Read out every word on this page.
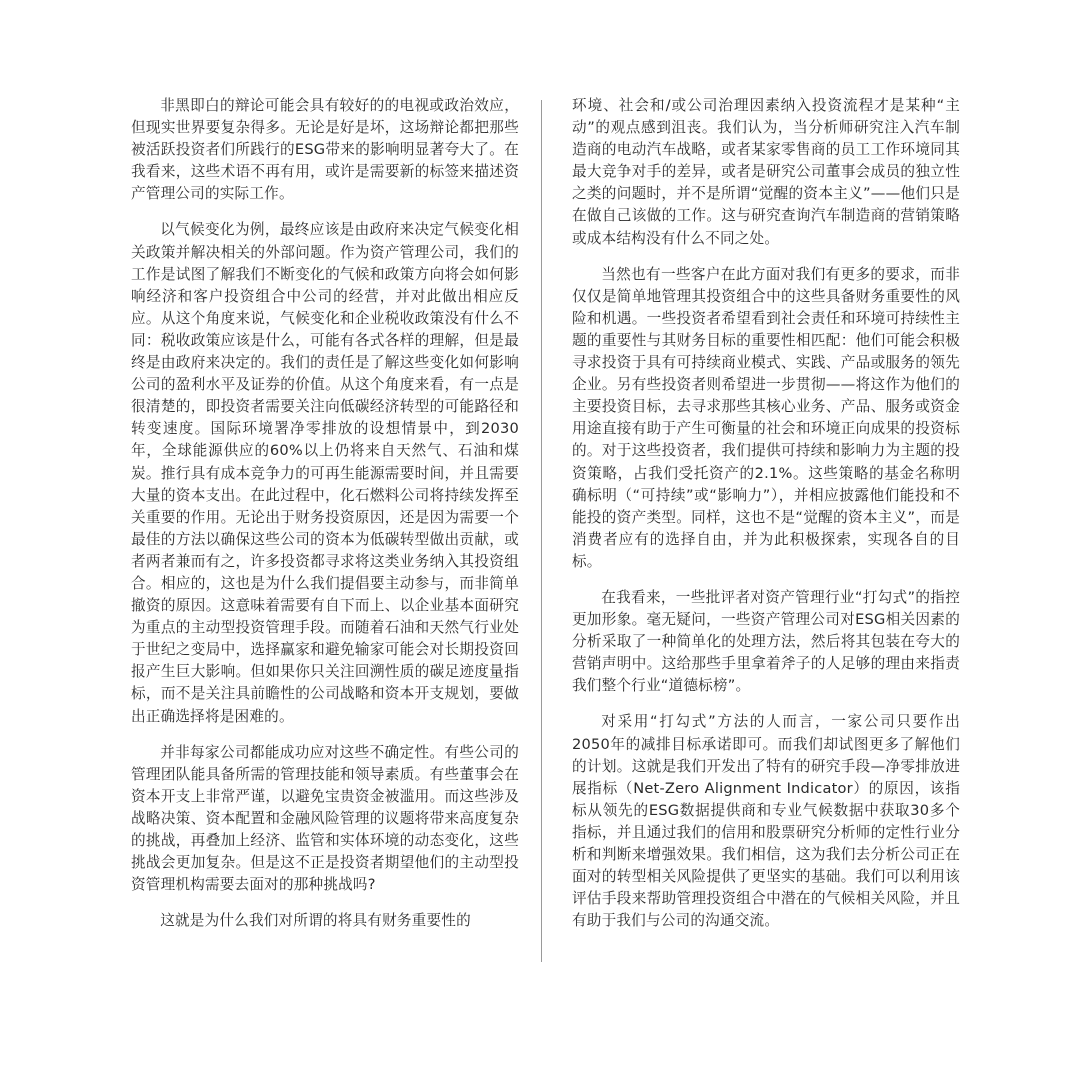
非黑即白的辩论可能会具有较好的的电视或政治效应，但现实世界要复杂得多。无论是好是坏，这场辩论都把那些被活跃投资者们所践行的ESG带来的影响明显著夸大了。在我看来，这些术语不再有用，或许是需要新的标签来描述资产管理公司的实际工作。

以气候变化为例，最终应该是由政府来决定气候变化相关政策并解决相关的外部问题。作为资产管理公司，我们的工作是试图了解我们不断变化的气候和政策方向将会如何影响经济和客户投资组合中公司的经营，并对此做出相应反应。从这个角度来说，气候变化和企业税收政策没有什么不同：税收政策应该是什么，可能有各式各样的理解，但是最终是由政府来决定的。我们的责任是了解这些变化如何影响公司的盈利水平及证券的价值。从这个角度来看，有一点是很清楚的，即投资者需要关注向低碳经济转型的可能路径和转变速度。国际环境署净零排放的设想情景中，到2030年，全球能源供应的60%以上仍将来自天然气、石油和煤炭。推行具有成本竞争力的可再生能源需要时间，并且需要大量的资本支出。在此过程中，化石燃料公司将持续发挥至关重要的作用。无论出于财务投资原因，还是因为需要一个最佳的方法以确保这些公司的资本为低碳转型做出贡献，或者两者兼而有之，许多投资都寻求将这类业务纳入其投资组合。相应的，这也是为什么我们提倡要主动参与，而非简单撤资的原因。这意味着需要有自下而上、以企业基本面研究为重点的主动型投资管理手段。而随着石油和天然气行业处于世纪之变局中，选择赢家和避免输家可能会对长期投资回报产生巨大影响。但如果你只关注回溯性质的碳足迹度量指标，而不是关注具前瞻性的公司战略和资本开支规划，要做出正确选择将是困难的。

并非每家公司都能成功应对这些不确定性。有些公司的管理团队能具备所需的管理技能和领导素质。有些董事会在资本开支上非常严谨，以避免宝贵资金被滥用。而这些涉及战略决策、资本配置和金融风险管理的议题将带来高度复杂的挑战，再叠加上经济、监管和实体环境的动态变化，这些挑战会更加复杂。但是这不正是投资者期望他们的主动型投资管理机构需要去面对的那种挑战吗?

这就是为什么我们对所谓的将具有财务重要性的

环境、社会和/或公司治理因素纳入投资流程才是某种“主动”的观点感到沮丧。我们认为，当分析师研究注入汽车制造商的电动汽车战略，或者某家零售商的员工工作环境同其最大竞争对手的差异，或者是研究公司董事会成员的独立性之类的问题时，并不是所谓“觉醒的资本主义”——他们只是在做自己该做的工作。这与研究查询汽车制造商的营销策略或成本结构没有什么不同之处。

当然也有一些客户在此方面对我们有更多的要求，而非仅仅是简单地管理其投资组合中的这些具备财务重要性的风险和机遇。一些投资者希望看到社会责任和环境可持续性主题的重要性与其财务目标的重要性相匹配：他们可能会积极寻求投资于具有可持续商业模式、实践、产品或服务的领先企业。另有些投资者则希望进一步贯彻——将这作为他们的主要投资目标，去寻求那些其核心业务、产品、服务或资金用途直接有助于产生可衡量的社会和环境正向成果的投资标的。对于这些投资者，我们提供可持续和影响力为主题的投资策略，占我们受托资产的2.1%。这些策略的基金名称明确标明（“可持续”或“影响力”），并相应披露他们能投和不能投的资产类型。同样，这也不是“觉醒的资本主义”，而是消费者应有的选择自由，并为此积极探索，实现各自的目标。

在我看来，一些批评者对资产管理行业“打勾式”的指控更加形象。毫无疑问，一些资产管理公司对ESG相关因素的分析采取了一种简单化的处理方法，然后将其包装在夸大的营销声明中。这给那些手里拿着斧子的人足够的理由来指责我们整个行业“道德标榜”。

对采用“打勾式”方法的人而言，一家公司只要作出2050年的减排目标承诺即可。而我们却试图更多了解他们的计划。这就是我们开发出了特有的研究手段—净零排放进展指标（Net-Zero Alignment Indicator）的原因，该指标从领先的ESG数据提供商和专业气候数据中获取30多个指标，并且通过我们的信用和股票研究分析师的定性行业分析和判断来增强效果。我们相信，这为我们去分析公司正在面对的转型相关风险提供了更坚实的基础。我们可以利用该评估手段来帮助管理投资组合中潜在的气候相关风险，并且有助于我们与公司的沟通交流。
